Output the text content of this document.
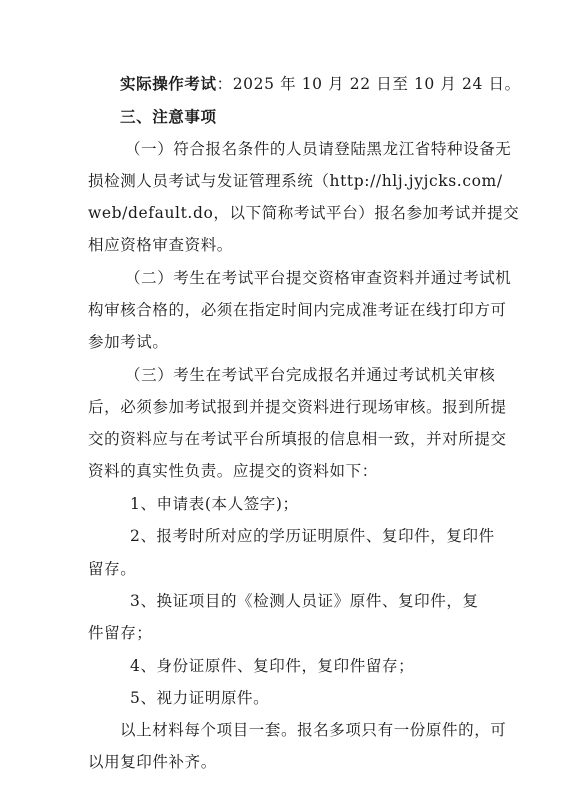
实际操作考试：2025 年 10 月 22 日至 10 月 24 日。
三、注意事项
（一）符合报名条件的人员请登陆黑龙江省特种设备无
损检测人员考试与发证管理系统（http://hlj.jyjcks.com/
web/default.do，以下简称考试平台）报名参加考试并提交
相应资格审查资料。
（二）考生在考试平台提交资格审查资料并通过考试机
构审核合格的，必须在指定时间内完成准考证在线打印方可
参加考试。
（三）考生在考试平台完成报名并通过考试机关审核
后，必须参加考试报到并提交资料进行现场审核。报到所提
交的资料应与在考试平台所填报的信息相一致，并对所提交
资料的真实性负责。应提交的资料如下：
1、申请表(本人签字)；
2、报考时所对应的学历证明原件、复印件，复印件
留存。
3、换证项目的《检测人员证》原件、复印件，复
件留存；
4、身份证原件、复印件，复印件留存；
5、视力证明原件。
以上材料每个项目一套。报名多项只有一份原件的，可
以用复印件补齐。
